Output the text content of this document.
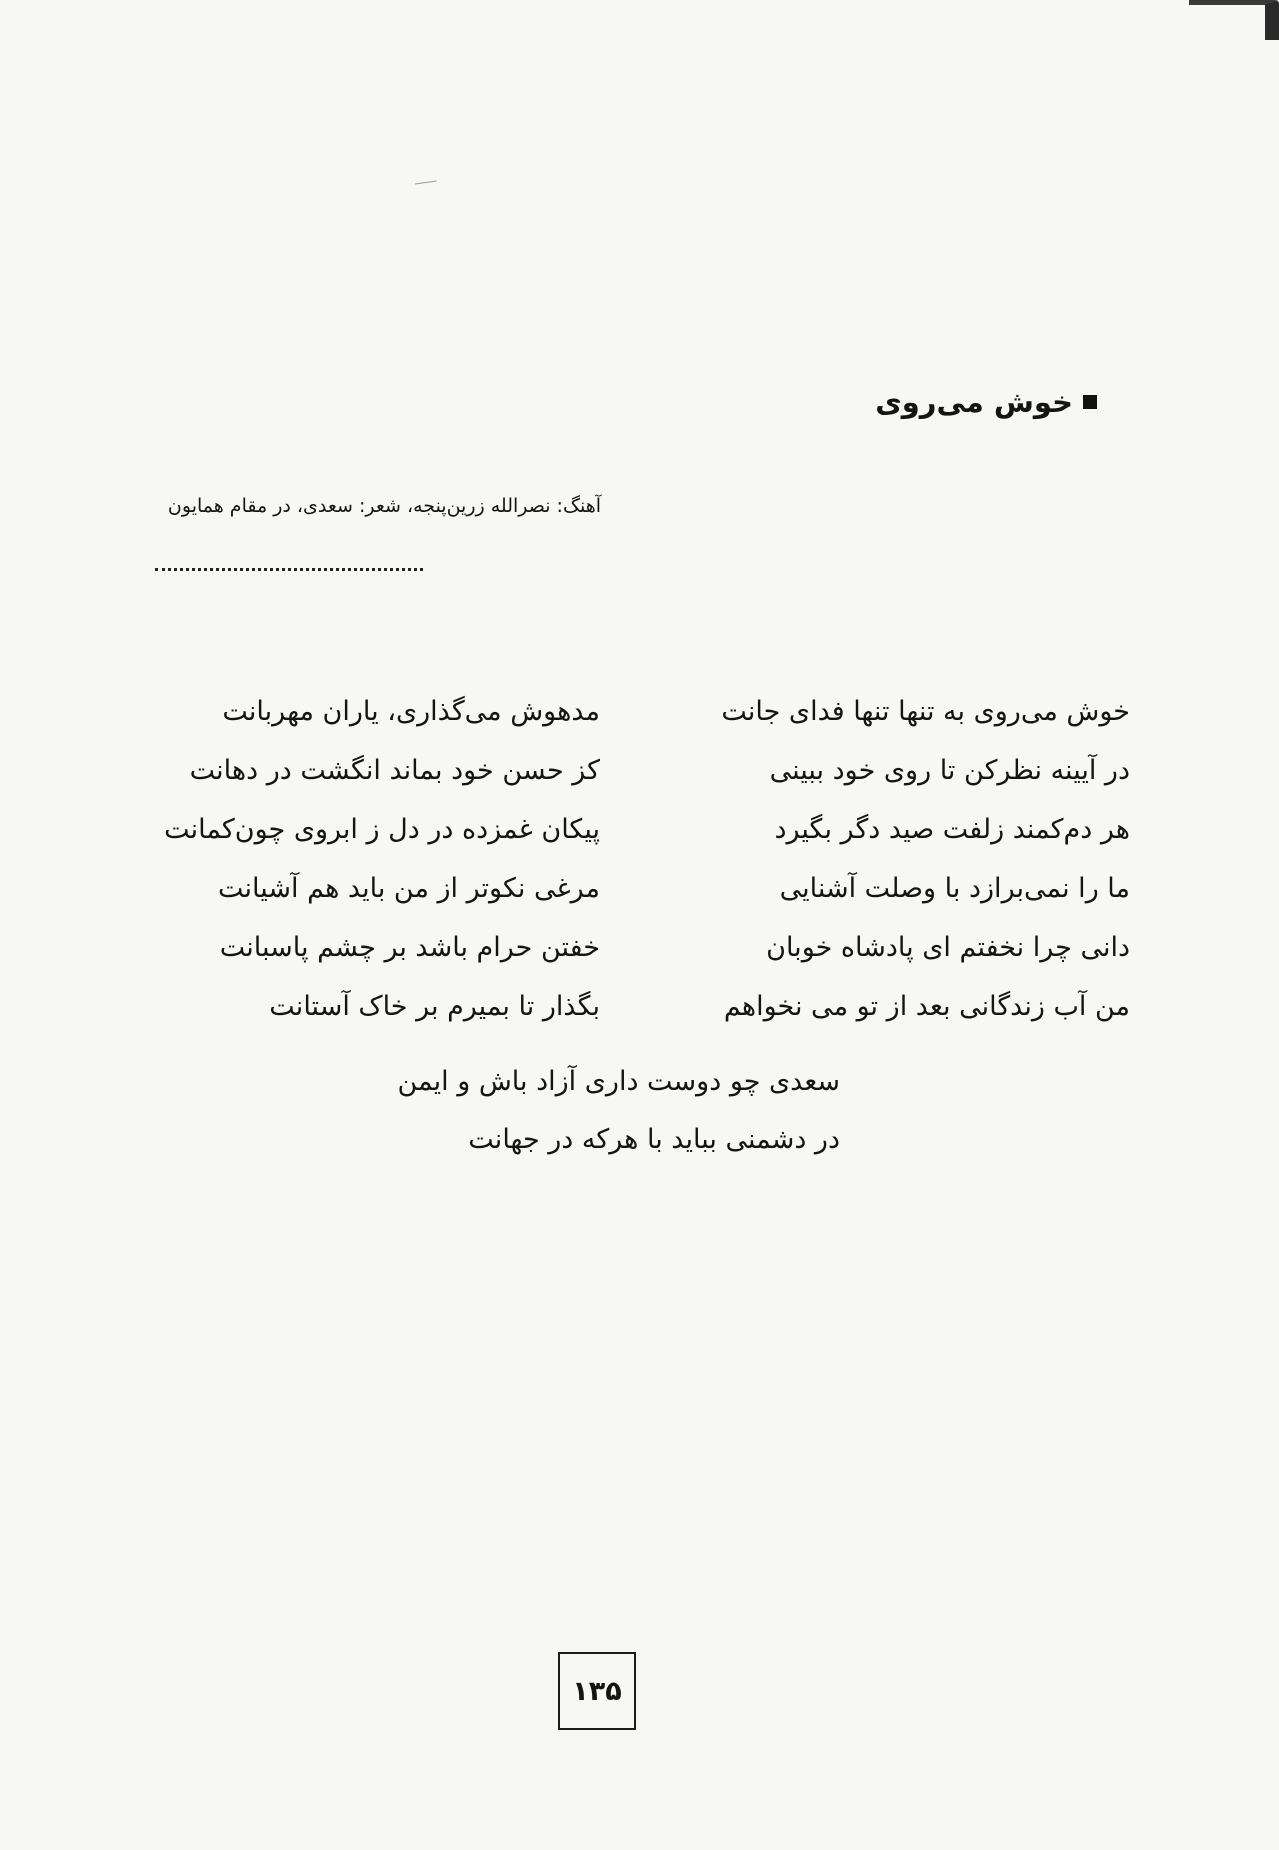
خوش می‌روی
آهنگ: نصرالله زرین‌پنجه، شعر: سعدی، در مقام همایون
خوش می‌روی به تنها تنها فدای جانت
مدهوش می‌گذاری، یاران مهربانت
در آیینه نظرکن تا روی خود ببینی
کز حسن خود بماند انگشت در دهانت
هر دم‌کمند زلفت صید دگر بگیرد
پیکان غمزده در دل ز ابروی چون‌کمانت
ما را نمی‌برازد با وصلت آشنایی
مرغی نکوتر از من باید هم آشیانت
دانی چرا نخفتم ای پادشاه خوبان
خفتن حرام باشد بر چشم پاسبانت
من آب زندگانی بعد از تو می نخواهم
بگذار تا بمیرم بر خاک آستانت
سعدی چو دوست داری آزاد باش و ایمن
در دشمنی بباید با هرکه در جهانت
۱۳۵
